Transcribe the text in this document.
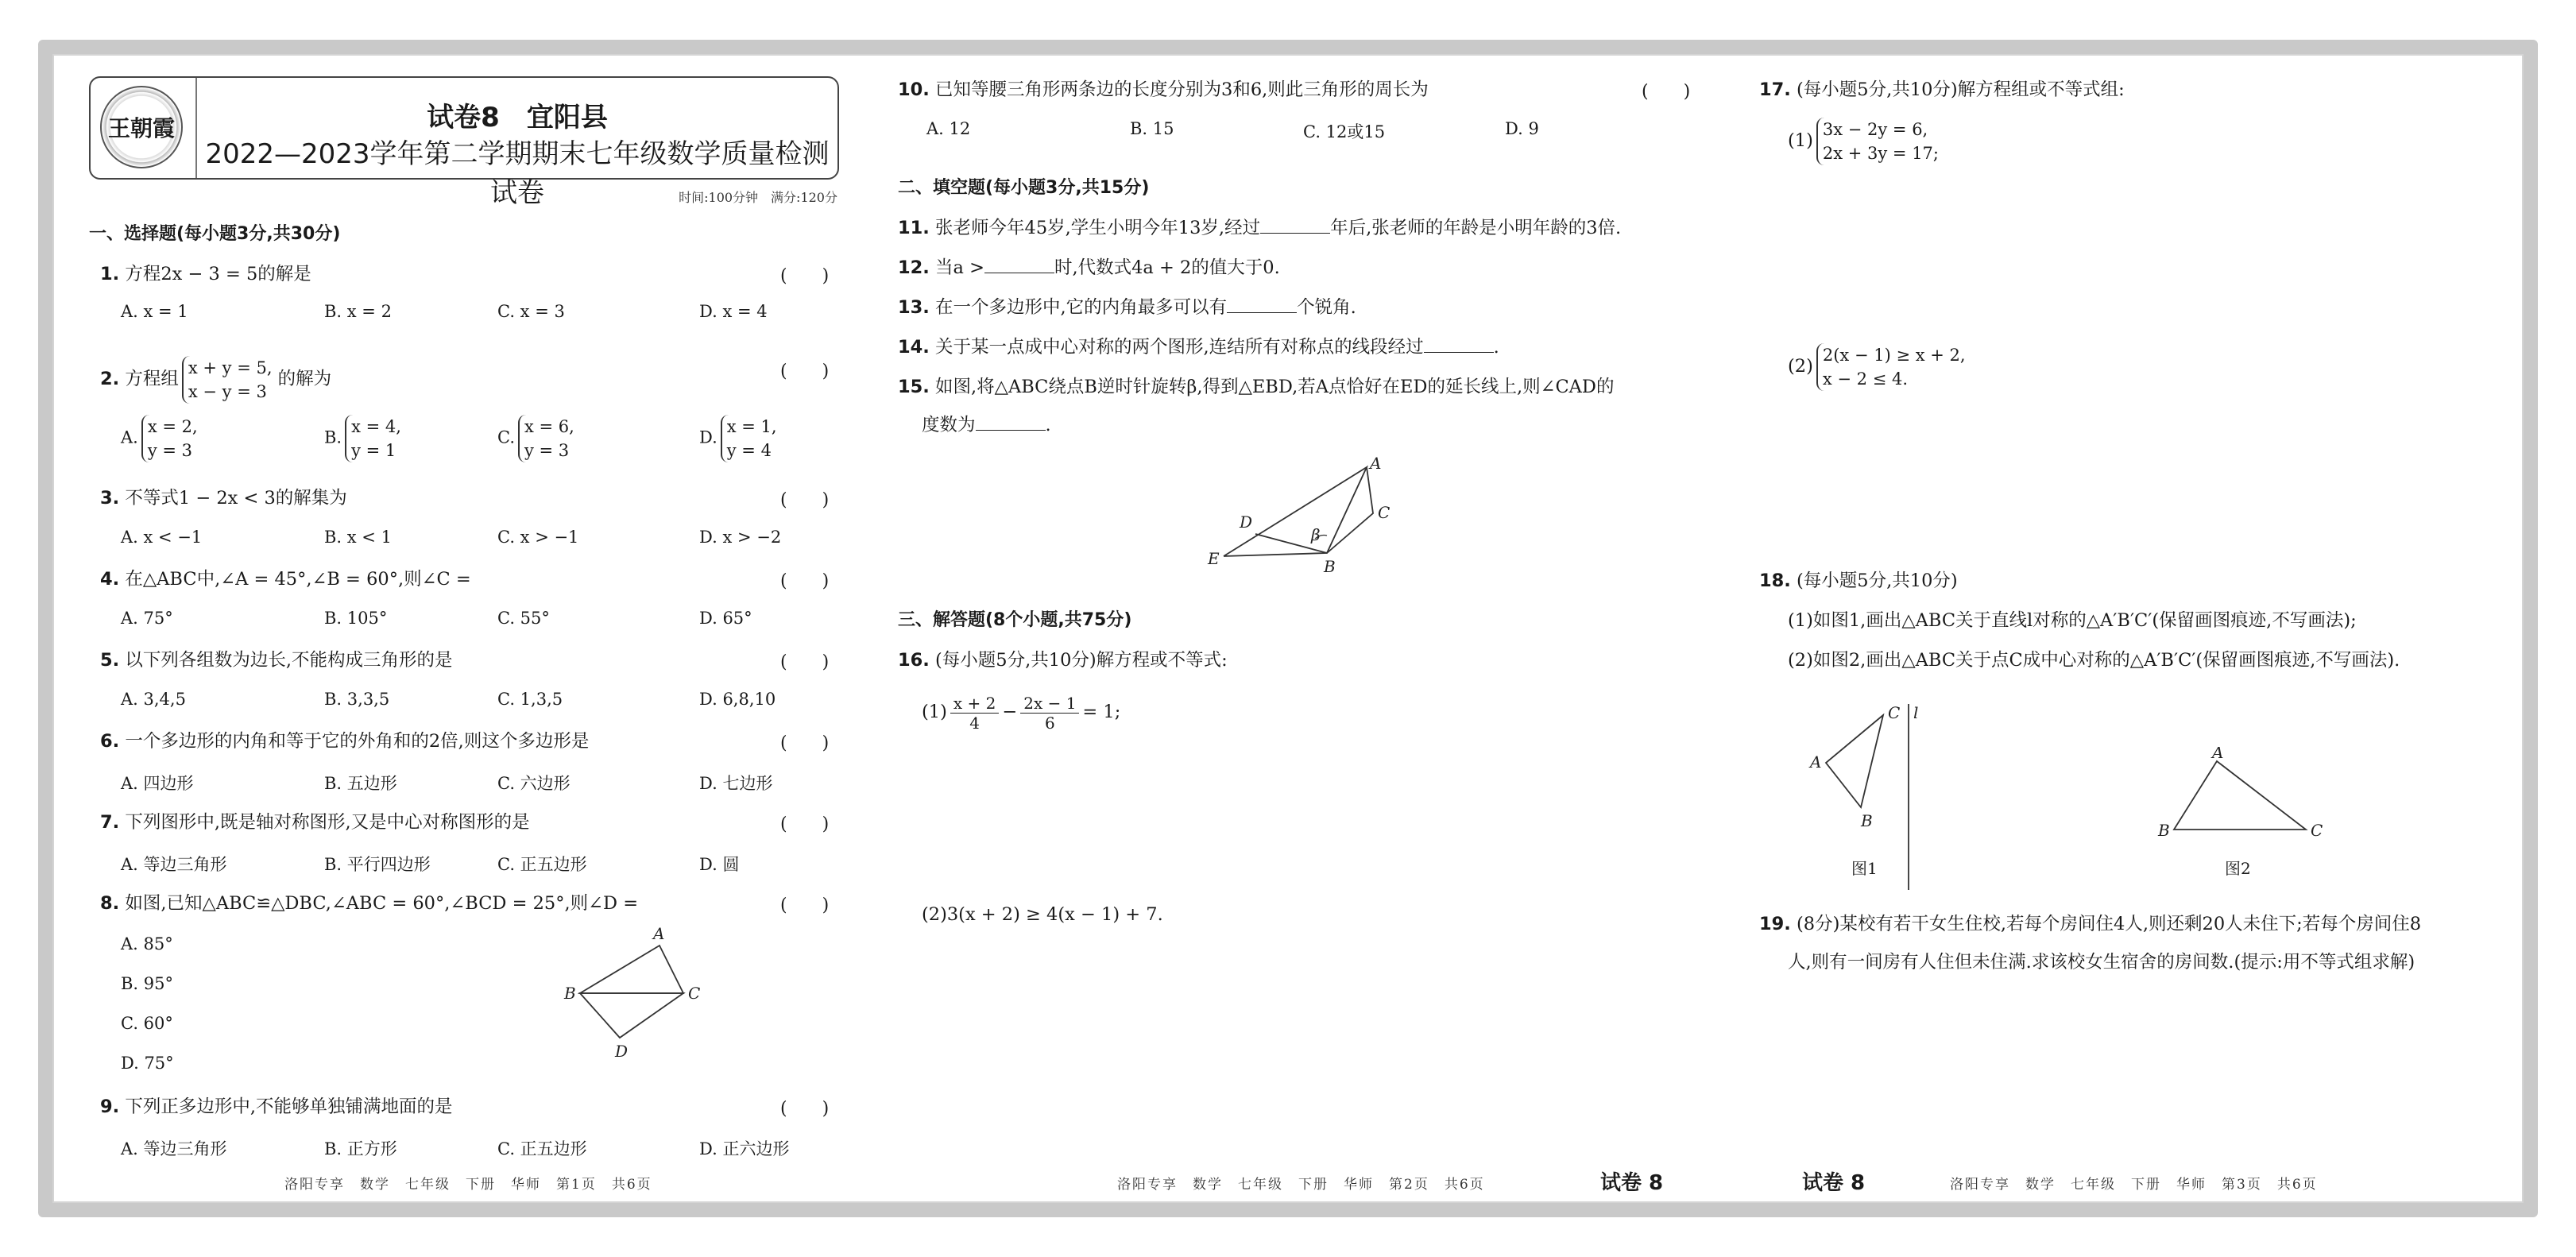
王朝霞	试卷8　宜阳县
2022—2023学年第二学期期末七年级数学质量检测试卷	时间:100分钟　满分:120分
一、选择题(每小题3分,共30分)
1. 方程2x − 3 = 5的解是	(　　)
A. x = 1	B. x = 2	C. x = 3	D. x = 4
2. 方程组
x + y = 5,
x − y = 3
的解为	(　　)
A.
x = 2,
y = 3
B.
x = 4,
y = 1
C.
x = 6,
y = 3
D.
x = 1,
y = 4
3. 不等式1 − 2x < 3的解集为	(　　)
A. x < −1	B. x < 1	C. x > −1	D. x > −2
4. 在△ABC中,∠A = 45°,∠B = 60°,则∠C =	(　　)
A. 75°	B. 105°	C. 55°	D. 65°
5. 以下列各组数为边长,不能构成三角形的是	(　　)
A. 3,4,5	B. 3,3,5	C. 1,3,5	D. 6,8,10
6. 一个多边形的内角和等于它的外角和的2倍,则这个多边形是	(　　)
A. 四边形	B. 五边形	C. 六边形	D. 七边形
7. 下列图形中,既是轴对称图形,又是中心对称图形的是	(　　)
A. 等边三角形	B. 平行四边形	C. 正五边形	D. 圆
8. 如图,已知△ABC≌△DBC,∠ABC = 60°,∠BCD = 25°,则∠D =	(　　)
A. 85°
B. 95°
C. 60°
D. 75°
A
B	C
D
9. 下列正多边形中,不能够单独铺满地面的是	(　　)
A. 等边三角形	B. 正方形	C. 正五边形	D. 正六边形
洛阳专享　数学　七年级　下册　华师　第1页　共6页
10. 已知等腰三角形两条边的长度分别为3和6,则此三角形的周长为	(　　)
A. 12	B. 15	C. 12或15	D. 9
二、填空题(每小题3分,共15分)
11. 张老师今年45岁,学生小明今年13岁,经过	年后,张老师的年龄是小明年龄的3倍.
12. 当a >	时,代数式4a + 2的值大于0.
13. 在一个多边形中,它的内角最多可以有	个锐角.
14. 关于某一点成中心对称的两个图形,连结所有对称点的线段经过	.
15. 如图,将△ABC绕点B逆时针旋转β,得到△EBD,若A点恰好在ED的延长线上,则∠CAD的
度数为	.
A
C
D
β
E	B
三、解答题(8个小题,共75分)
16. (每小题5分,共10分)解方程或不等式:
$(1) \frac{x + 2}{4} - \frac{2x - 1}{6} = 1$;
(2)3(x + 2) ≥ 4(x − 1) + 7.
洛阳专享　数学　七年级　下册　华师　第2页　共6页	试卷 8
17. (每小题5分,共10分)解方程组或不等式组:
(1)
3x − 2y = 6,
2x + 3y = 17;
(2)
2(x − 1) ≥ x + 2,
x − 2 ≤ 4.
18. (每小题5分,共10分)
(1)如图1,画出△ABC关于直线l对称的△A′B′C′(保留画图痕迹,不写画法);
(2)如图2,画出△ABC关于点C成中心对称的△A′B′C′(保留画图痕迹,不写画法).
C l
A
B
图1
A
B	C
图2
19. (8分)某校有若干女生住校,若每个房间住4人,则还剩20人未住下;若每个房间住8
人,则有一间房有人住但未住满.求该校女生宿舍的房间数.(提示:用不等式组求解)
试卷 8	洛阳专享　数学　七年级　下册　华师　第3页　共6页
